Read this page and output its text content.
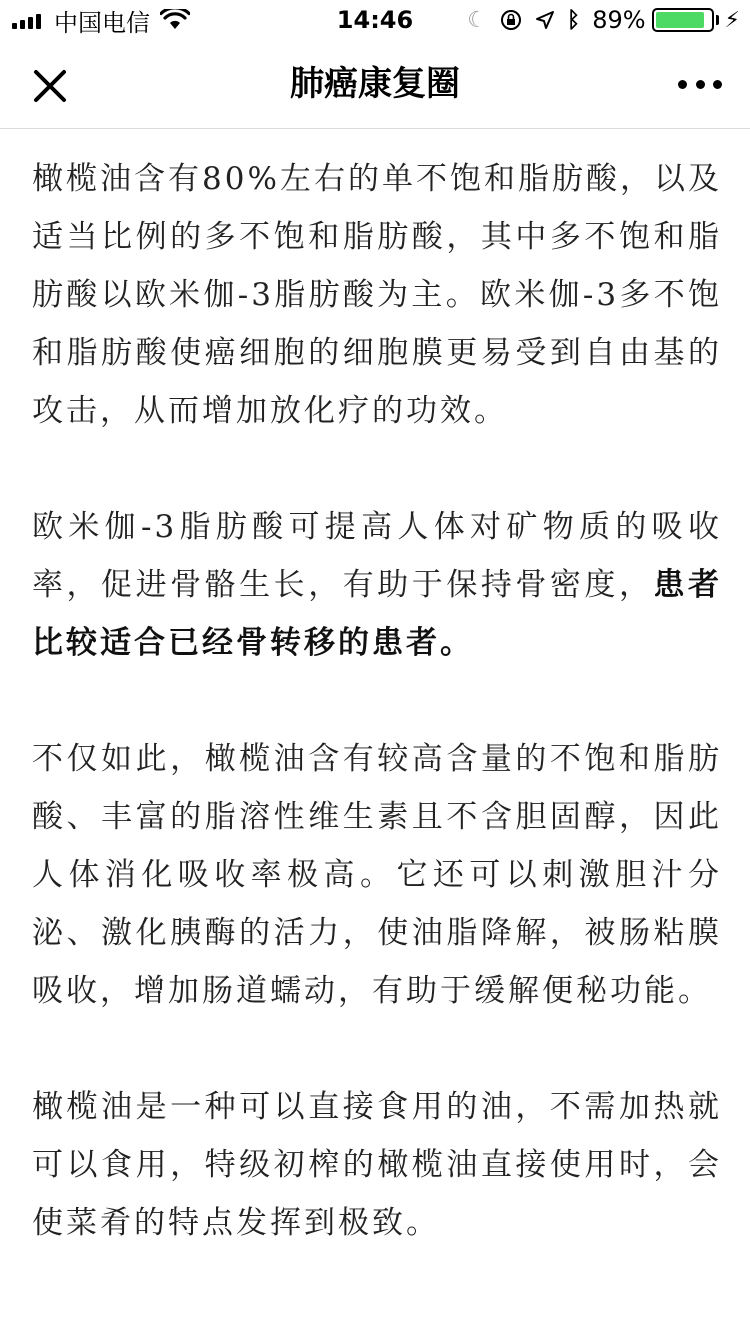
中国电信	14:46	☾	ᛒ 89%	⚡
肺癌康复圈

橄榄油含有80%左右的单不饱和脂肪酸，以及适当比例的多不饱和脂肪酸，其中多不饱和脂肪酸以欧米伽-3脂肪酸为主。欧米伽-3多不饱和脂肪酸使癌细胞的细胞膜更易受到自由基的攻击，从而增加放化疗的功效。

欧米伽-3脂肪酸可提高人体对矿物质的吸收率，促进骨骼生长，有助于保持骨密度，患者比较适合已经骨转移的患者。

不仅如此，橄榄油含有较高含量的不饱和脂肪酸、丰富的脂溶性维生素且不含胆固醇，因此人体消化吸收率极高。它还可以刺激胆汁分泌、激化胰酶的活力，使油脂降解，被肠粘膜吸收，增加肠道蠕动，有助于缓解便秘功能。

橄榄油是一种可以直接食用的油，不需加热就可以食用，特级初榨的橄榄油直接使用时，会使菜肴的特点发挥到极致。
